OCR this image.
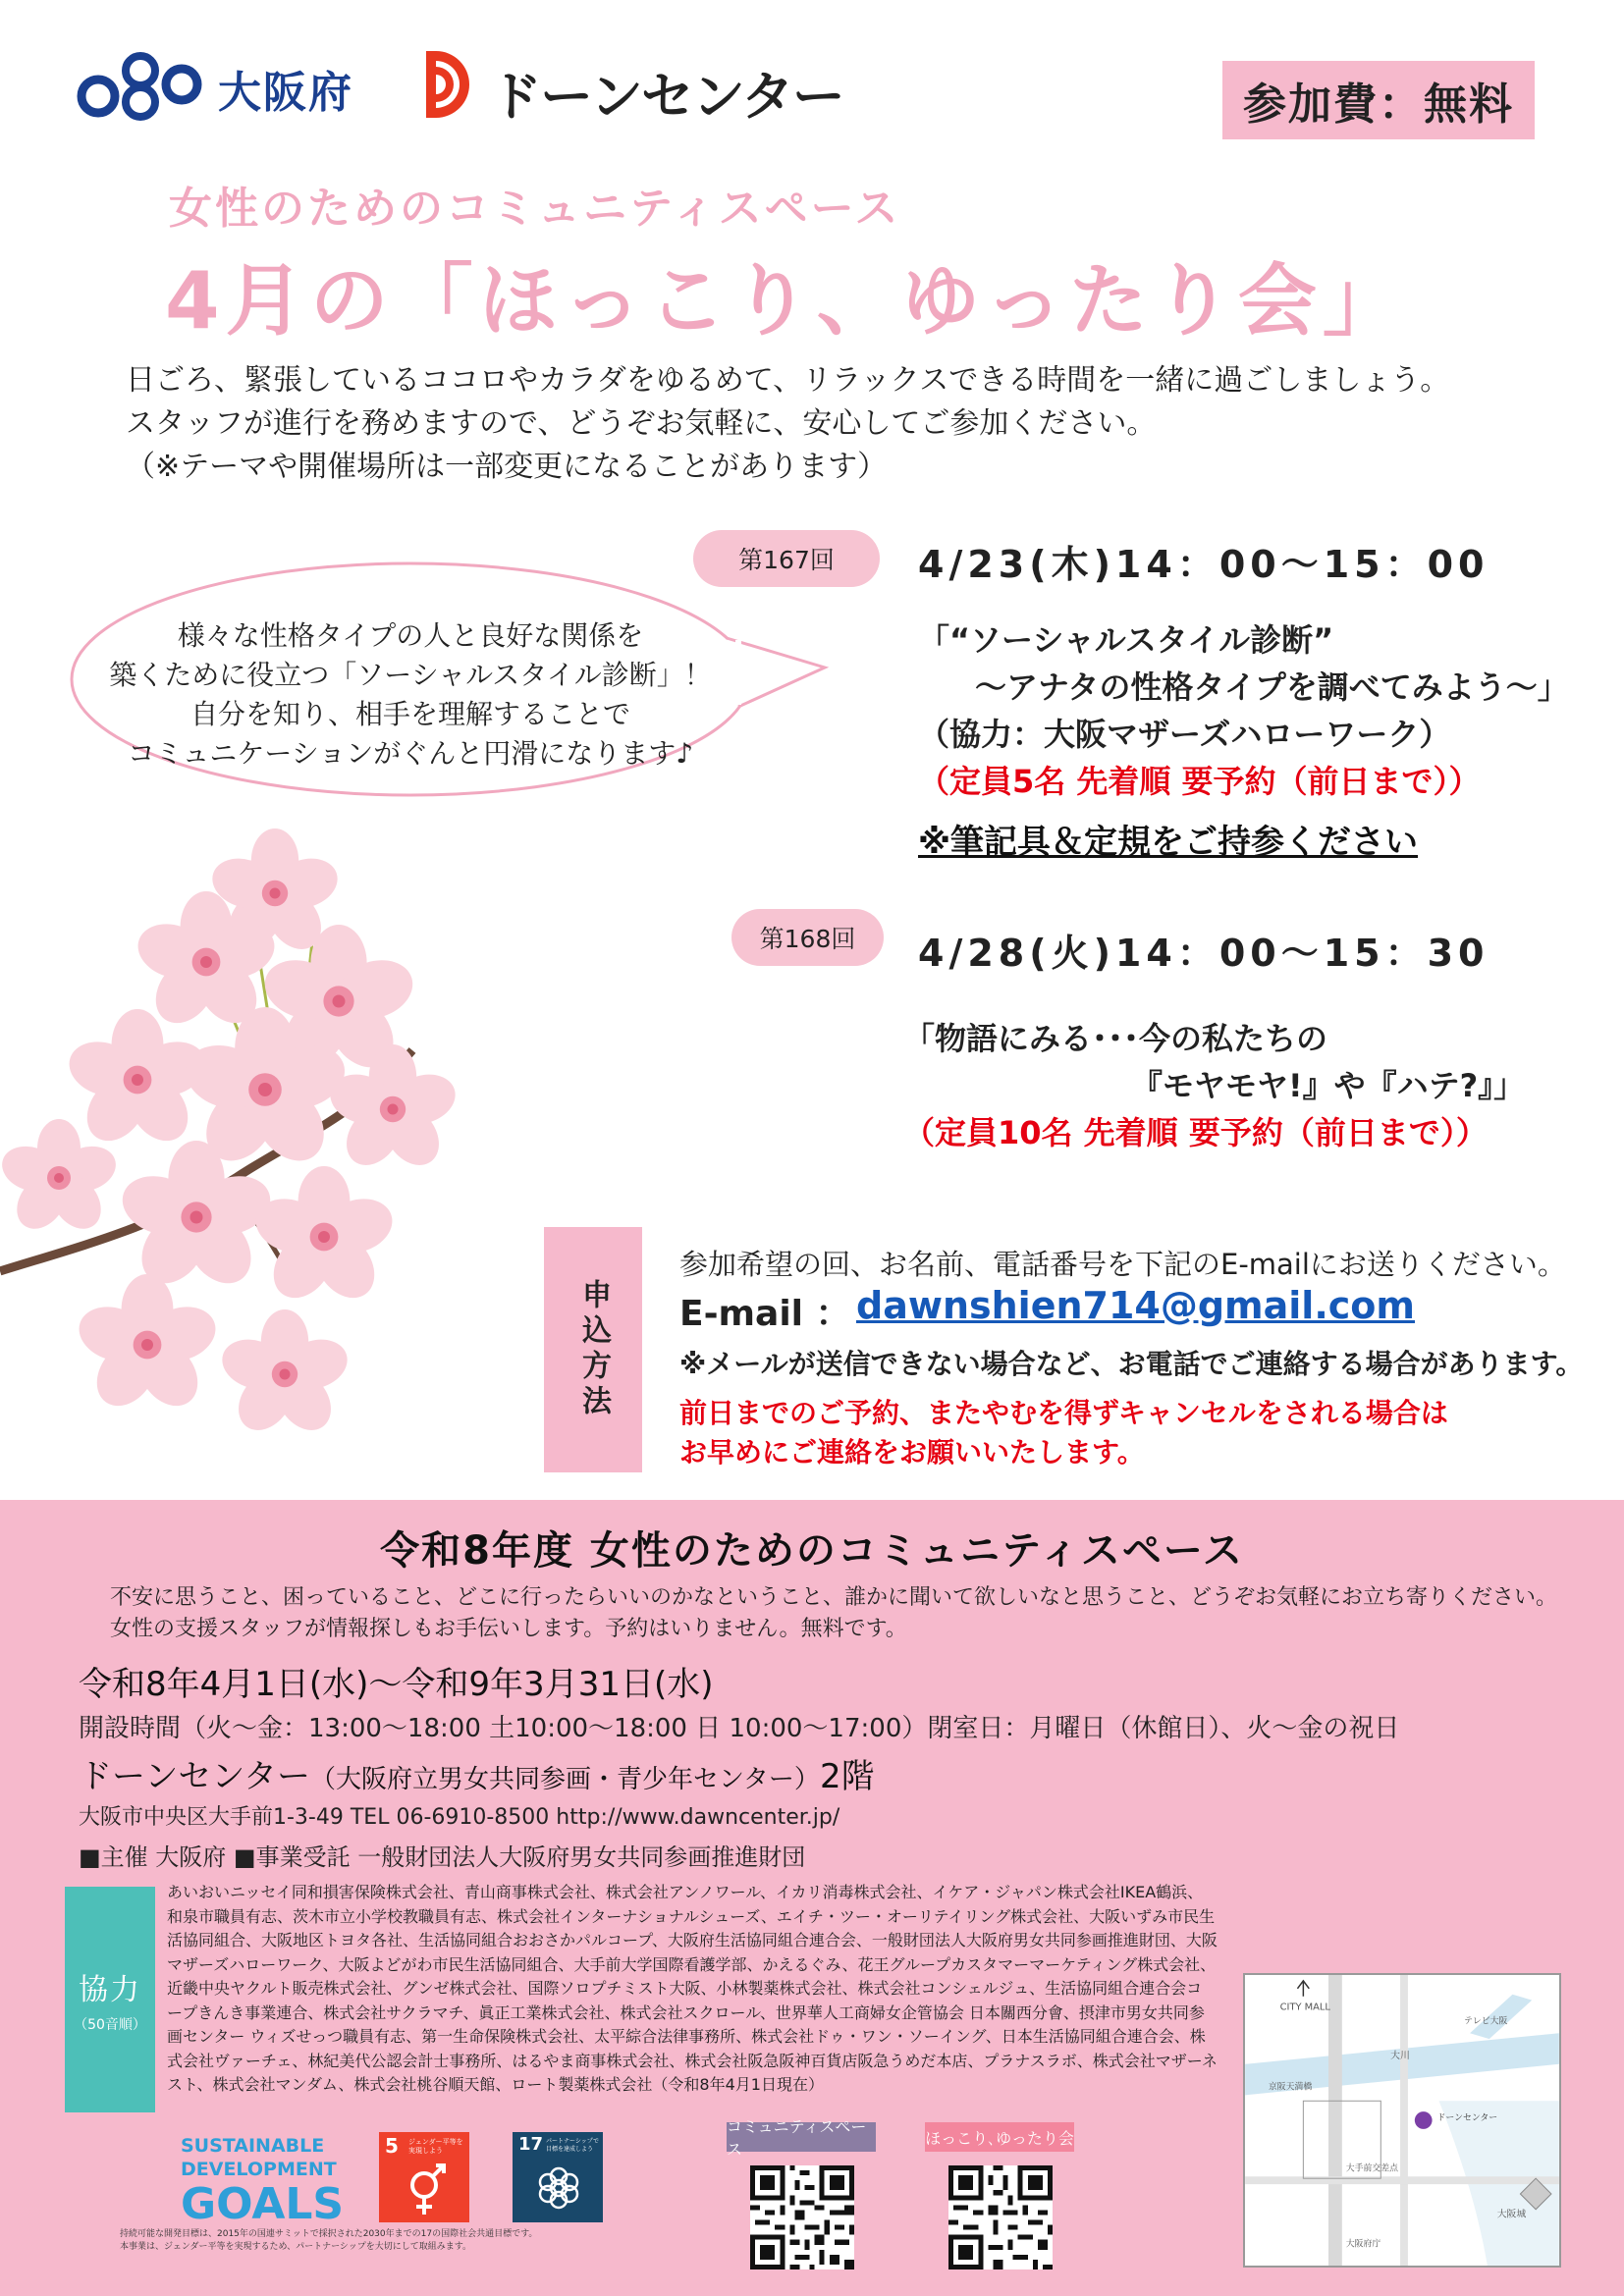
大阪府	ドーンセンター	参加費：無料
女性のためのコミュニティスペース
4月の「ほっこり、ゆったり会」
日ごろ、緊張しているココロやカラダをゆるめて、リラックスできる時間を一緒に過ごしましょう。
スタッフが進行を務めますので、どうぞお気軽に、安心してご参加ください。
（※テーマや開催場所は一部変更になることがあります）
様々な性格タイプの人と良好な関係を
築くために役立つ「ソーシャルスタイル診断」！
自分を知り、相手を理解することで
コミュニケーションがぐんと円滑になります♪
第167回	4/23(木)14：00～15：00
「“ソーシャルスタイル診断”
～アナタの性格タイプを調べてみよう～」
（協力：大阪マザーズハローワーク）
（定員5名 先着順 要予約（前日まで））
※筆記具＆定規をご持参ください
第168回	4/28(火)14：00～15：30
「物語にみる･･･今の私たちの
『モヤモヤ!』や『ハテ?』」
（定員10名 先着順 要予約（前日まで））
申込方法
参加希望の回、お名前、電話番号を下記のE-mailにお送りください。
E-mail ： dawnshien714@gmail.com
※メールが送信できない場合など、お電話でご連絡する場合があります。
前日までのご予約、またやむを得ずキャンセルをされる場合は
お早めにご連絡をお願いいたします。
令和8年度 女性のためのコミュニティスペース
不安に思うこと、困っていること、どこに行ったらいいのかなということ、誰かに聞いて欲しいなと思うこと、どうぞお気軽にお立ち寄りください。
女性の支援スタッフが情報探しもお手伝いします。予約はいりません。無料です。
令和8年4月1日(水)～令和9年3月31日(水)
開設時間（火～金：13:00～18:00 土10:00～18:00 日 10:00～17:00）閉室日：月曜日（休館日）、火～金の祝日
ドーンセンター（大阪府立男女共同参画・青少年センター）2階
大阪市中央区大手前1-3-49 TEL 06-6910-8500 http://www.dawncenter.jp/
■主催 大阪府 ■事業受託 一般財団法人大阪府男女共同参画推進財団
協力
（50音順）
あいおいニッセイ同和損害保険株式会社、青山商事株式会社、株式会社アンノワール、イカリ消毒株式会社、イケア・ジャパン株式会社IKEA鶴浜、和泉市職員有志、茨木市立小学校教職員有志、株式会社インターナショナルシューズ、エイチ・ツー・オーリテイリング株式会社、大阪いずみ市民生活協同組合、大阪地区トヨタ各社、生活協同組合おおさかパルコープ、大阪府生活協同組合連合会、一般財団法人大阪府男女共同参画推進財団、大阪マザーズハローワーク、大阪よどがわ市民生活協同組合、大手前大学国際看護学部、かえるぐみ、花王グループカスタマーマーケティング株式会社、近畿中央ヤクルト販売株式会社、グンゼ株式会社、国際ソロプチミスト大阪、小林製薬株式会社、株式会社コンシェルジュ、生活協同組合連合会コープきんき事業連合、株式会社サクラマチ、眞正工業株式会社、株式会社スクロール、世界華人工商婦女企管協会 日本關西分會、摂津市男女共同参画センター ウィズせっつ職員有志、第一生命保険株式会社、太平綜合法律事務所、株式会社ドゥ・ワン・ソーイング、日本生活協同組合連合会、株式会社ヴァーチェ、林紀美代公認会計士事務所、はるやま商事株式会社、株式会社阪急阪神百貨店阪急うめだ本店、プラナスラボ、株式会社マザーネスト、株式会社マンダム、株式会社桃谷順天館、ロート製薬株式会社（令和8年4月1日現在）
CITY MALL
大川
テレビ大阪
京阪天満橋
ドーンセンター
大手前交差点
大阪城
大阪府庁
SUSTAINABLE
DEVELOPMENT
GOALS
5 ジェンダー平等を実現しよう	17 パートナーシップで目標を達成しよう
持続可能な開発目標は、2015年の国連サミットで採択された2030年までの17の国際社会共通目標です。
本事業は、ジェンダー平等を実現するため、パートナーシップを大切にして取組みます。
コミュニティスペース
ほっこり､ゆったり会
